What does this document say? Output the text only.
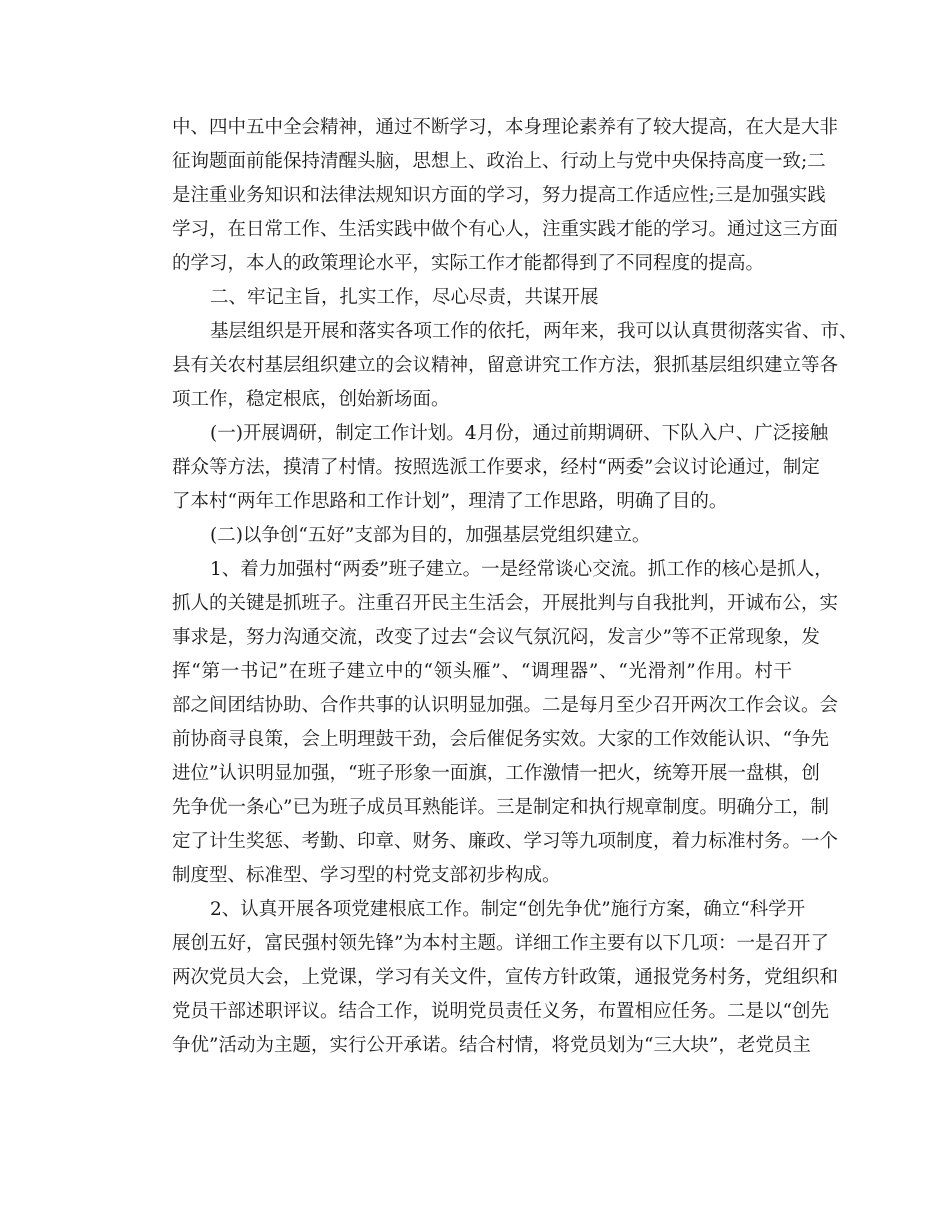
中、四中五中全会精神，通过不断学习，本身理论素养有了较大提高，在大是大非
征询题面前能保持清醒头脑，思想上、政治上、行动上与党中央保持高度一致;二
是注重业务知识和法律法规知识方面的学习，努力提高工作适应性;三是加强实践
学习，在日常工作、生活实践中做个有心人，注重实践才能的学习。通过这三方面
的学习，本人的政策理论水平，实际工作才能都得到了不同程度的提高。
二、牢记主旨，扎实工作，尽心尽责，共谋开展
基层组织是开展和落实各项工作的依托，两年来，我可以认真贯彻落实省、市、
县有关农村基层组织建立的会议精神，留意讲究工作方法，狠抓基层组织建立等各
项工作，稳定根底，创始新场面。
(一)开展调研，制定工作计划。4月份，通过前期调研、下队入户、广泛接触
群众等方法，摸清了村情。按照选派工作要求，经村“两委”会议讨论通过，制定
了本村“两年工作思路和工作计划”，理清了工作思路，明确了目的。
(二)以争创“五好”支部为目的，加强基层党组织建立。
1、着力加强村“两委”班子建立。一是经常谈心交流。抓工作的核心是抓人，
抓人的关键是抓班子。注重召开民主生活会，开展批判与自我批判，开诚布公，实
事求是，努力沟通交流，改变了过去“会议气氛沉闷，发言少”等不正常现象，发
挥“第一书记”在班子建立中的“领头雁”、“调理器”、“光滑剂”作用。村干
部之间团结协助、合作共事的认识明显加强。二是每月至少召开两次工作会议。会
前协商寻良策，会上明理鼓干劲，会后催促务实效。大家的工作效能认识、“争先
进位”认识明显加强，“班子形象一面旗，工作激情一把火，统筹开展一盘棋，创
先争优一条心”已为班子成员耳熟能详。三是制定和执行规章制度。明确分工，制
定了计生奖惩、考勤、印章、财务、廉政、学习等九项制度，着力标准村务。一个
制度型、标准型、学习型的村党支部初步构成。
2、认真开展各项党建根底工作。制定“创先争优”施行方案，确立“科学开
展创五好，富民强村领先锋”为本村主题。详细工作主要有以下几项：一是召开了
两次党员大会，上党课，学习有关文件，宣传方针政策，通报党务村务，党组织和
党员干部述职评议。结合工作，说明党员责任义务，布置相应任务。二是以“创先
争优”活动为主题，实行公开承诺。结合村情，将党员划为“三大块”，老党员主
